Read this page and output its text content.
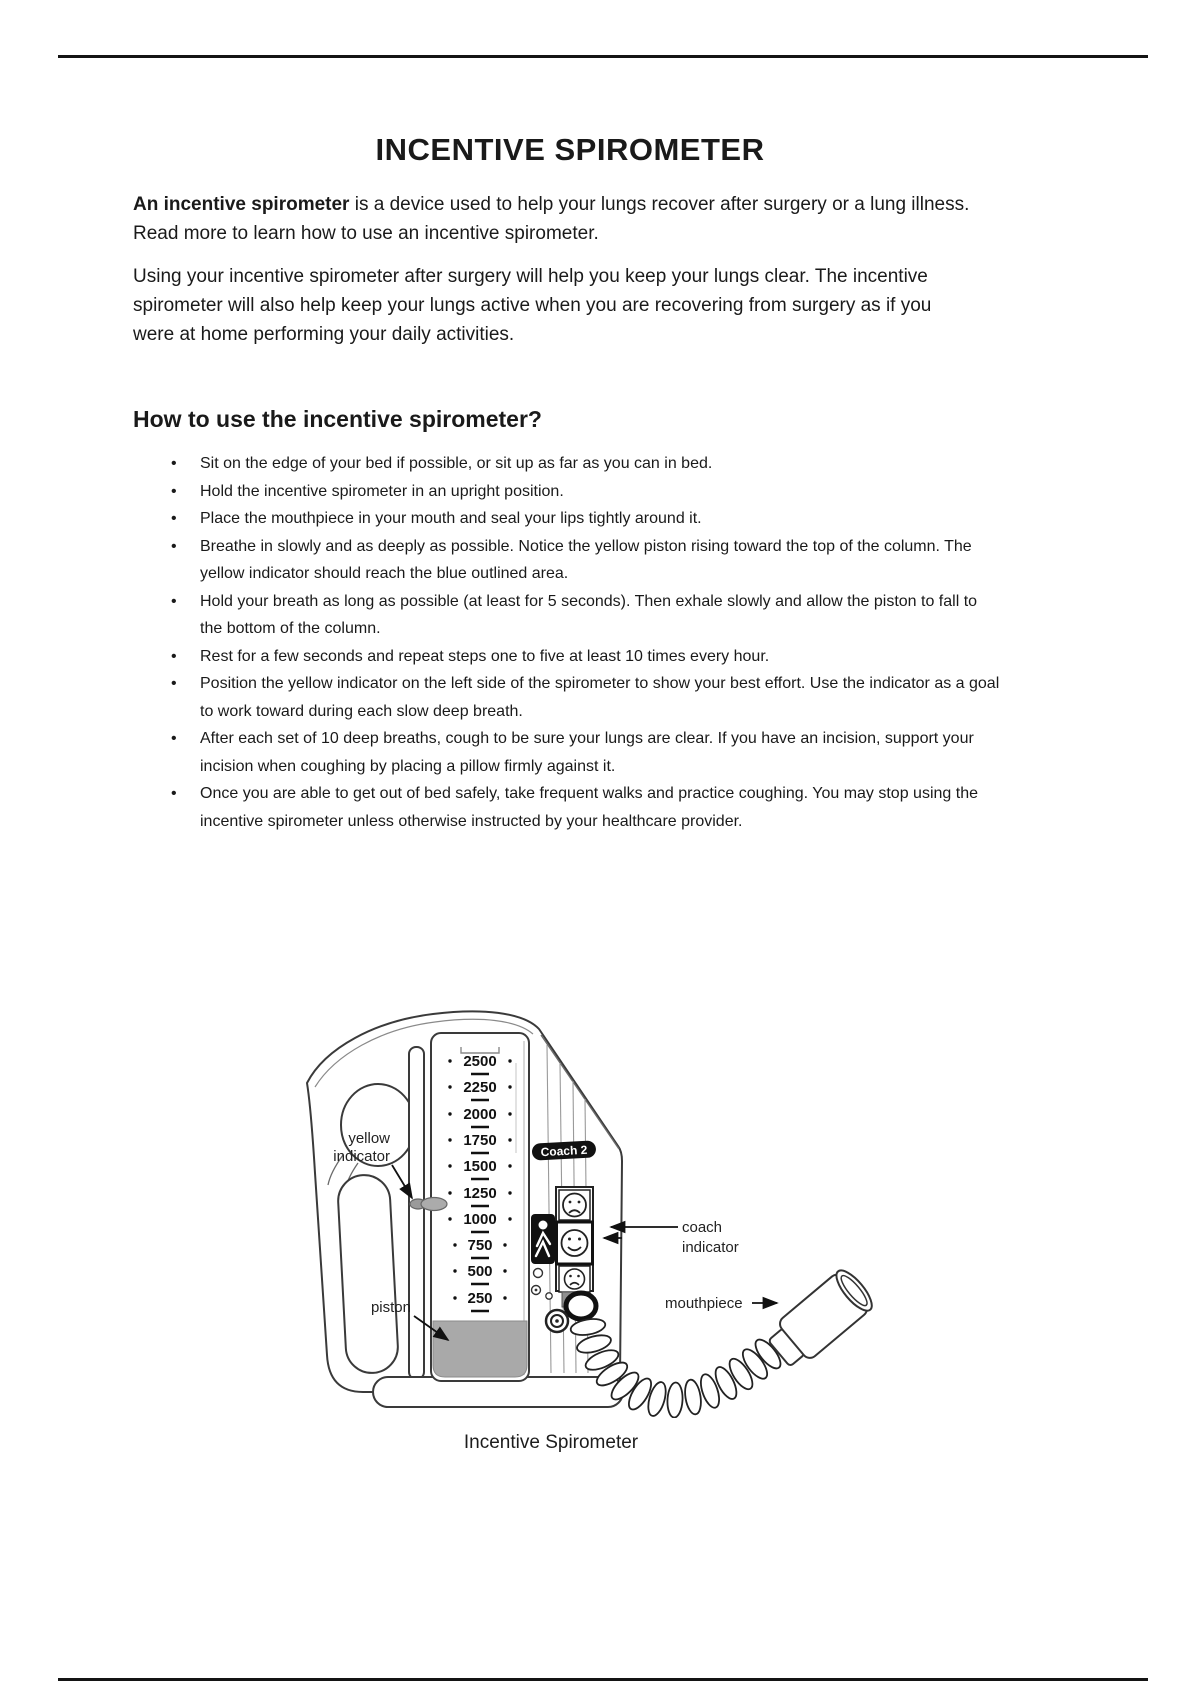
INCENTIVE SPIROMETER

An incentive spirometer is a device used to help your lungs recover after surgery or a lung illness. Read more to learn how to use an incentive spirometer.

Using your incentive spirometer after surgery will help you keep your lungs clear. The incentive spirometer will also help keep your lungs active when you are recovering from surgery as if you were at home performing your daily activities.

How to use the incentive spirometer?
• Sit on the edge of your bed if possible, or sit up as far as you can in bed.
• Hold the incentive spirometer in an upright position.
• Place the mouthpiece in your mouth and seal your lips tightly around it.
• Breathe in slowly and as deeply as possible. Notice the yellow piston rising toward the top of the column. The yellow indicator should reach the blue outlined area.
• Hold your breath as long as possible (at least for 5 seconds). Then exhale slowly and allow the piston to fall to the bottom of the column.
• Rest for a few seconds and repeat steps one to five at least 10 times every hour.
• Position the yellow indicator on the left side of the spirometer to show your best effort. Use the indicator as a goal to work toward during each slow deep breath.
• After each set of 10 deep breaths, cough to be sure your lungs are clear. If you have an incision, support your incision when coughing by placing a pillow firmly against it.
• Once you are able to get out of bed safely, take frequent walks and practice coughing. You may stop using the incentive spirometer unless otherwise instructed by your healthcare provider.
2500
2250
2000
1750
1500
1250
1000
750
500
250
Coach 2
yellow
indicator
piston
coach
indicator
mouthpiece
Incentive Spirometer
